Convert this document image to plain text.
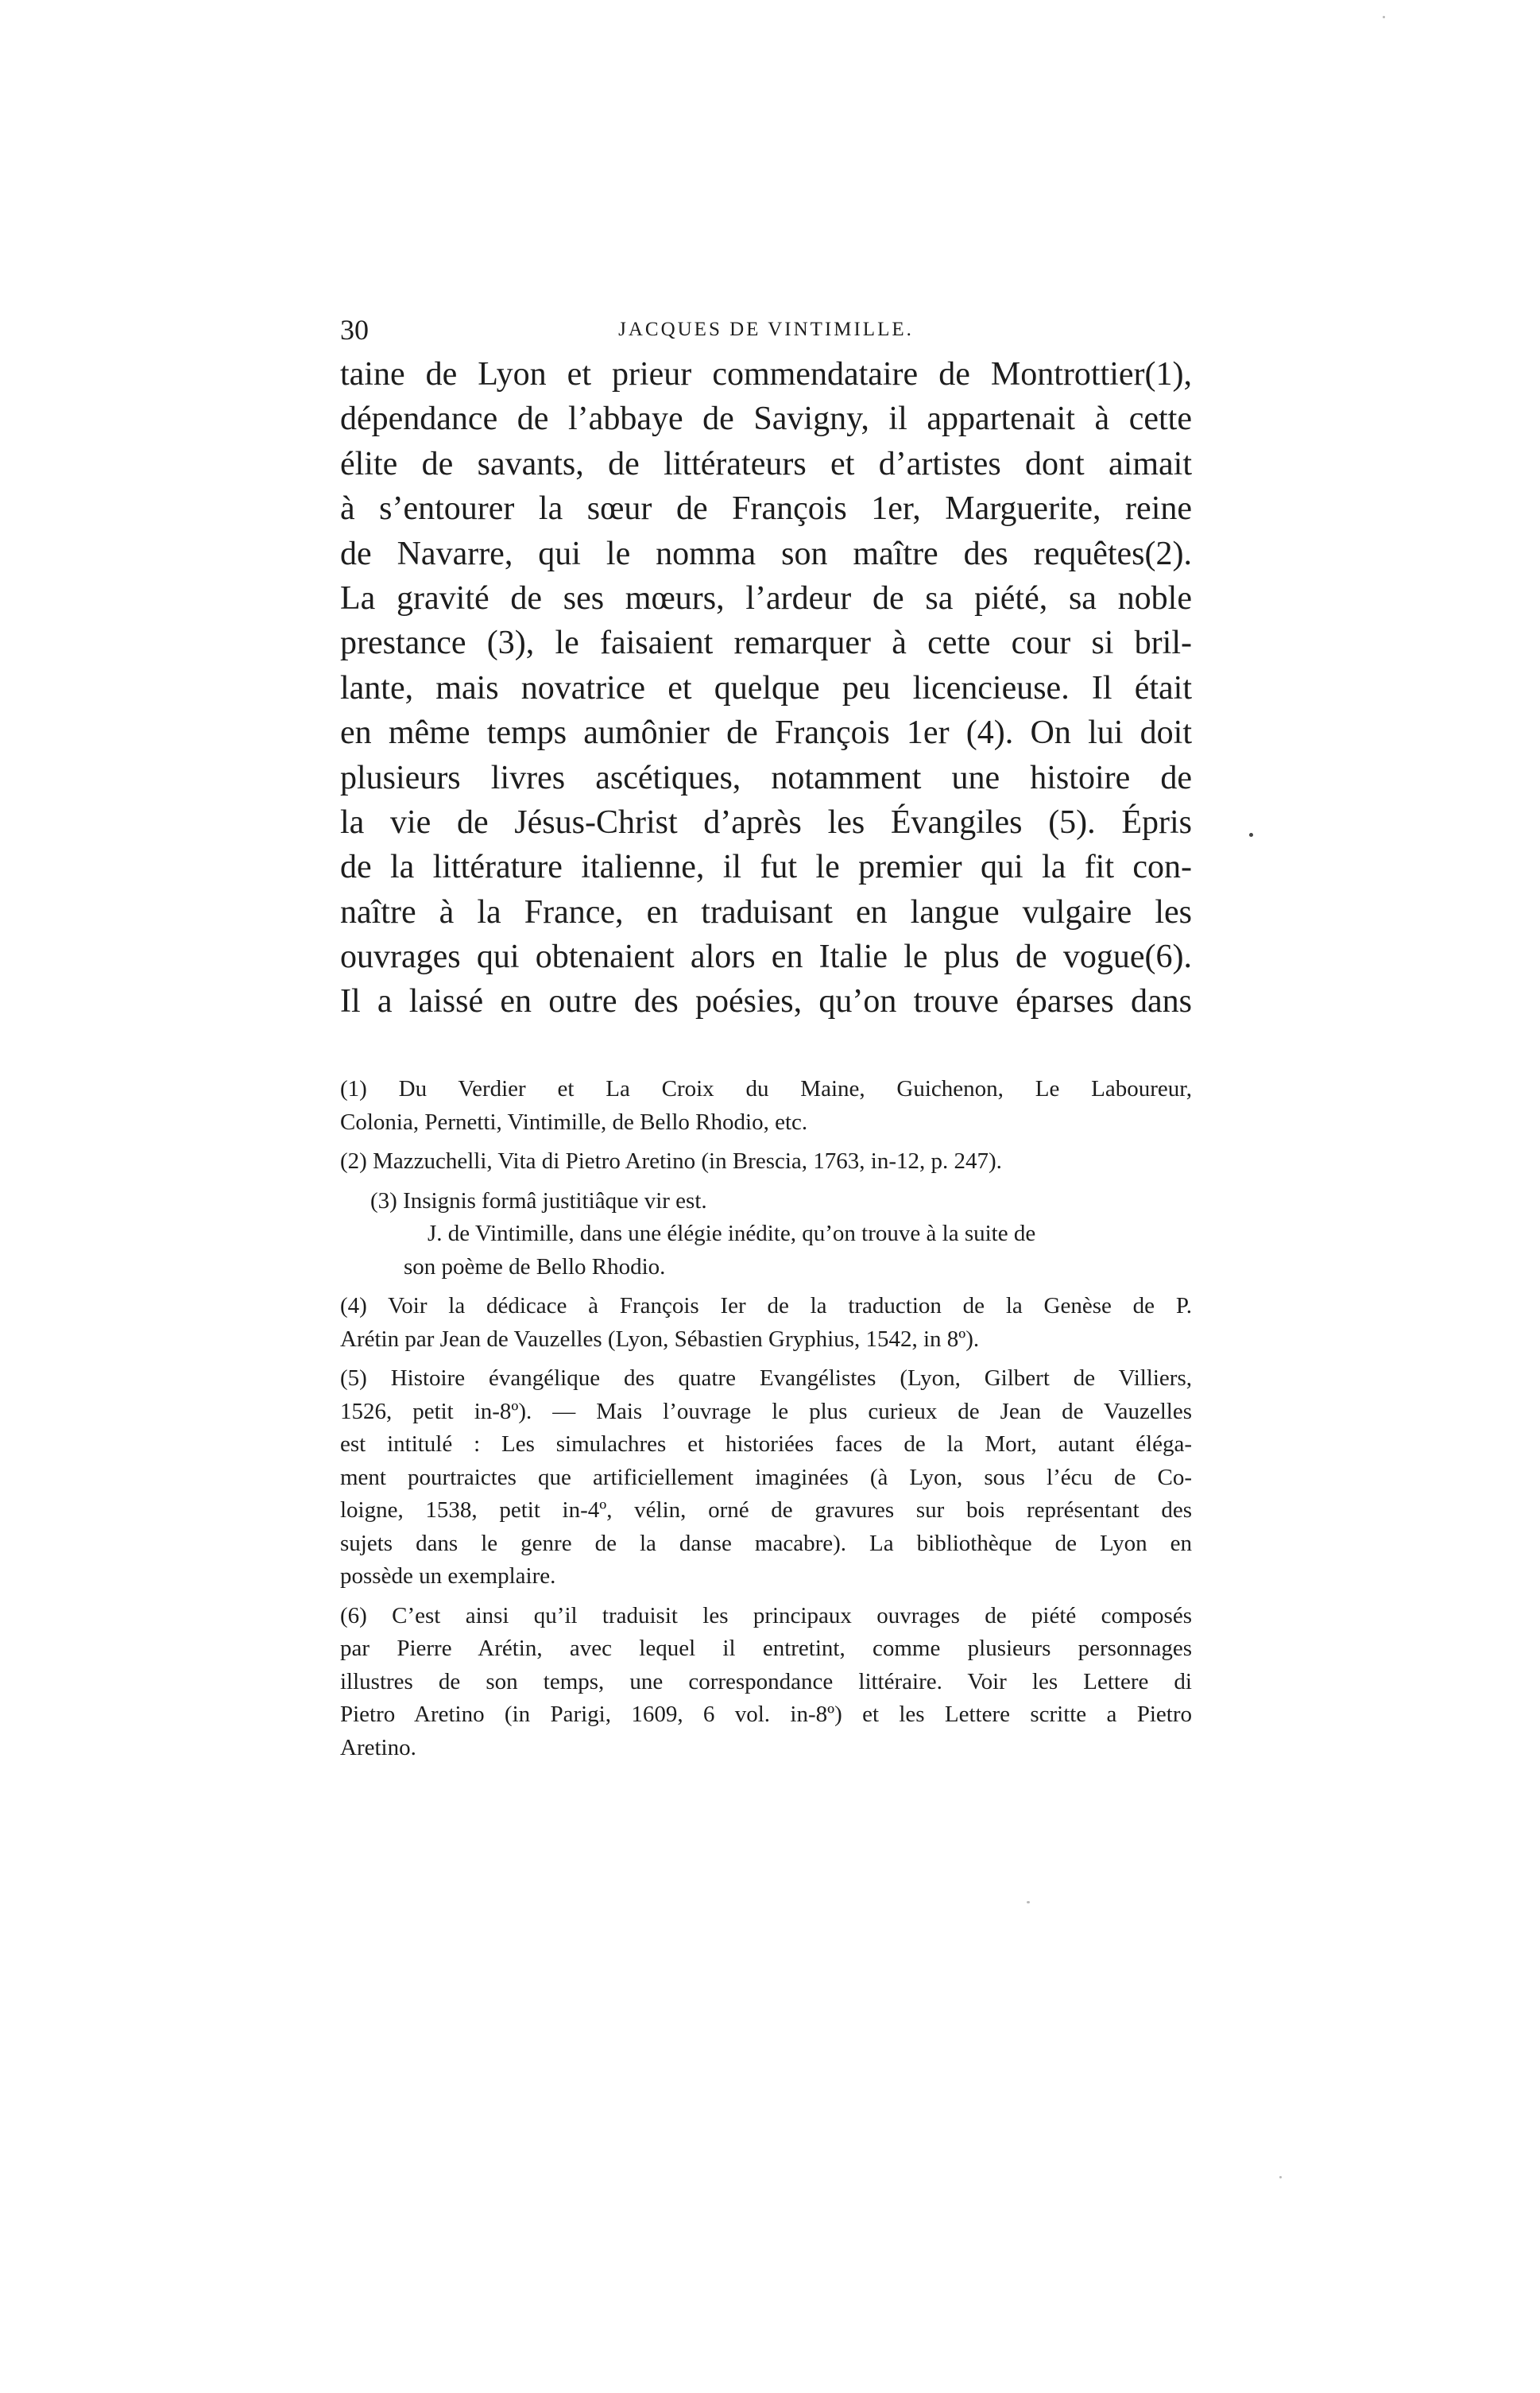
30	JACQUES DE VINTIMILLE.
taine de Lyon et prieur commendataire de Montrottier(1),
dépendance de l’abbaye de Savigny, il appartenait à cette
élite de savants, de littérateurs et d’artistes dont aimait
à s’entourer la sœur de François 1er, Marguerite, reine
de Navarre, qui le nomma son maître des requêtes(2).
La gravité de ses mœurs, l’ardeur de sa piété, sa noble
prestance (3), le faisaient remarquer à cette cour si bril-
lante, mais novatrice et quelque peu licencieuse. Il était
en même temps aumônier de François 1er (4). On lui doit
plusieurs livres ascétiques, notamment une histoire de
la vie de Jésus-Christ d’après les Évangiles (5). Épris
de la littérature italienne, il fut le premier qui la fit con-
naître à la France, en traduisant en langue vulgaire les
ouvrages qui obtenaient alors en Italie le plus de vogue(6).
Il a laissé en outre des poésies, qu’on trouve éparses dans
(1) Du Verdier et La Croix du Maine, Guichenon, Le Laboureur,
Colonia, Pernetti, Vintimille, de Bello Rhodio, etc.
(2) Mazzuchelli, Vita di Pietro Aretino (in Brescia, 1763, in-12, p. 247).
(3) Insignis formâ justitiâque vir est.
J. de Vintimille, dans une élégie inédite, qu’on trouve à la suite de
son poème de Bello Rhodio.
(4) Voir la dédicace à François Ier de la traduction de la Genèse de P.
Arétin par Jean de Vauzelles (Lyon, Sébastien Gryphius, 1542, in 8º).
(5) Histoire évangélique des quatre Evangélistes (Lyon, Gilbert de Villiers,
1526, petit in-8º). — Mais l’ouvrage le plus curieux de Jean de Vauzelles
est intitulé : Les simulachres et historiées faces de la Mort, autant élégа-
ment pourtraictes que artificiellement imaginées (à Lyon, sous l’écu de Co-
loigne, 1538, petit in-4º, vélin, orné de gravures sur bois représentant des
sujets dans le genre de la danse macabre). La bibliothèque de Lyon en
possède un exemplaire.
(6) C’est ainsi qu’il traduisit les principaux ouvrages de piété composés
par Pierre Arétin, avec lequel il entretint, comme plusieurs personnages
illustres de son temps, une correspondance littéraire. Voir les Lettere di
Pietro Aretino (in Parigi, 1609, 6 vol. in-8º) et les Lettere scritte a Pietro
Aretino.
